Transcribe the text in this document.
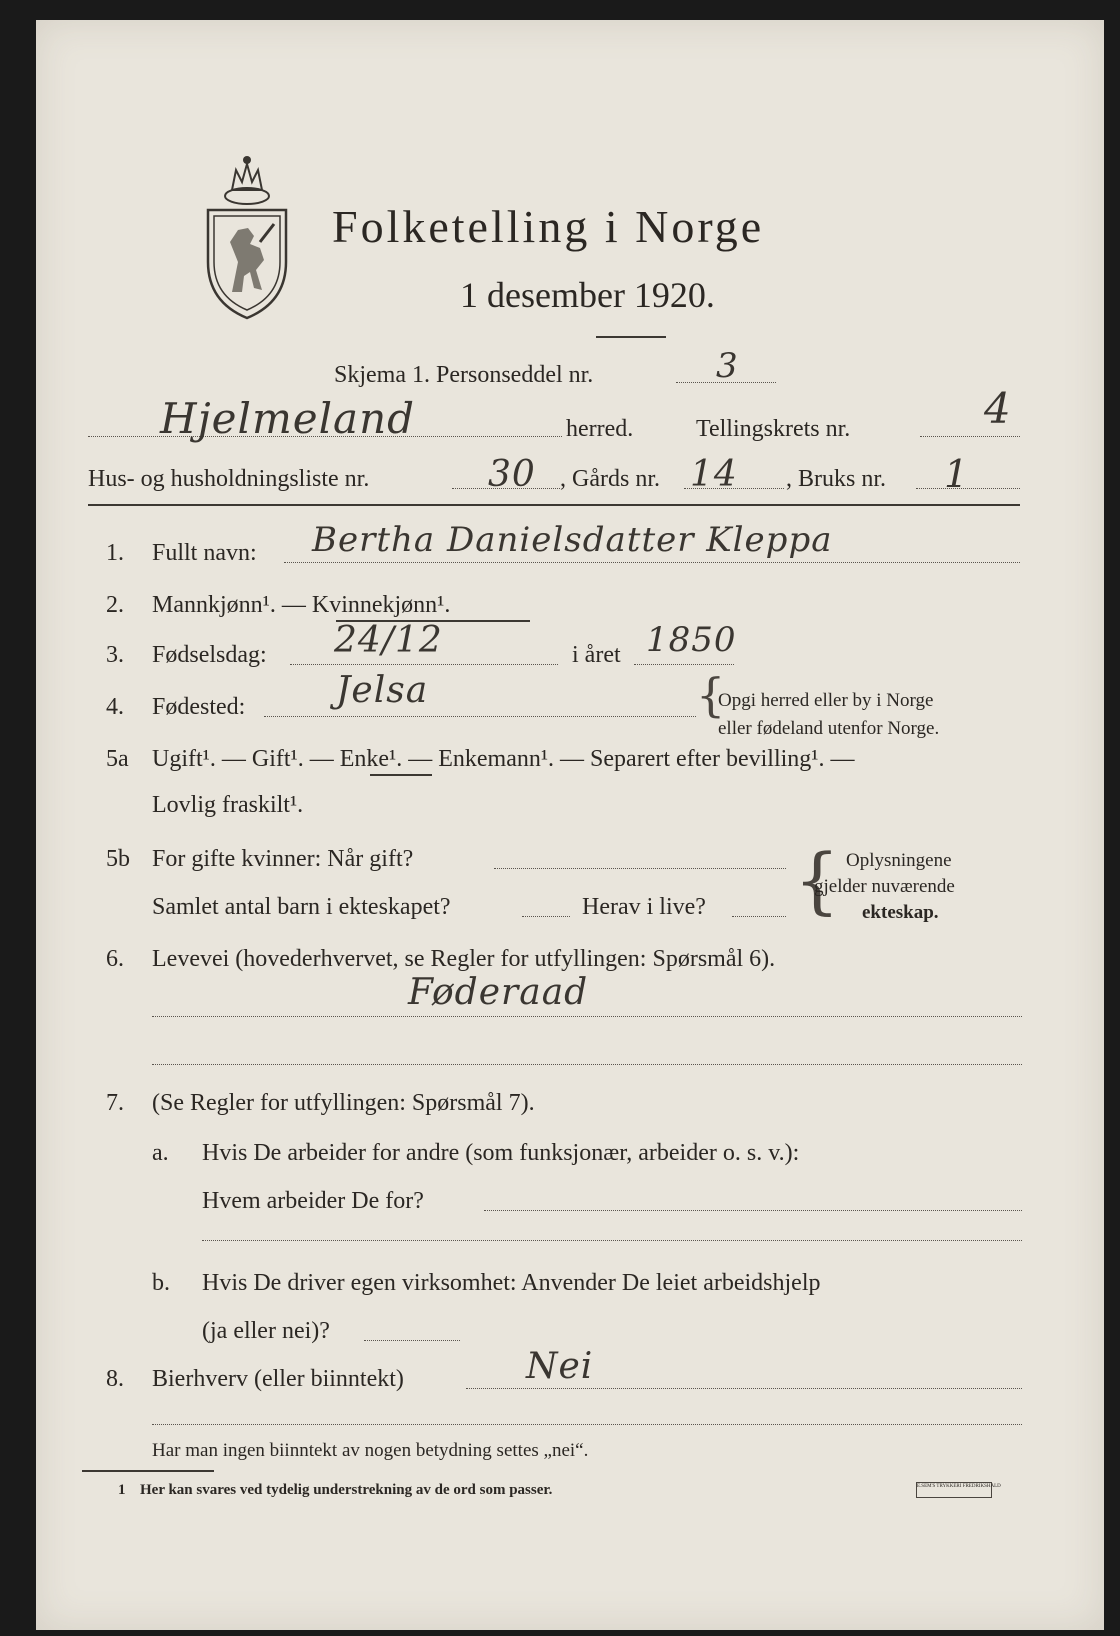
Folketelling i Norge
1 desember 1920.
Skjema 1. Personseddel nr.	3
Hjelmeland	herred.	Tellingskrets nr.	4
Hus- og husholdningsliste nr.	30 , Gårds nr. 14 , Bruks nr. 1
1. Fullt navn: Bertha Danielsdatter Kleppa
2. Mannkjønn¹. — Kvinnekjønn¹.
3. Fødselsdag: 24/12	i året 1850
4. Fødested:	Jelsa	{
Opgi herred eller by i Norge
eller fødeland utenfor Norge.
5a Ugift¹. — Gift¹. — Enke¹. — Enkemann¹. — Separert efter bevilling¹. —
Lovlig fraskilt¹.
5b For gifte kvinner: Når gift?
Samlet antal barn i ekteskapet?	Herav i live? { Oplysningene
gjelder nuværende
ekteskap.
6. Levevei (hovederhvervet, se Regler for utfyllingen: Spørsmål 6).
Føderaad
7. (Se Regler for utfyllingen: Spørsmål 7).
a. Hvis De arbeider for andre (som funksjonær, arbeider o. s. v.):
Hvem arbeider De for?
b. Hvis De driver egen virksomhet: Anvender De leiet arbeidshjelp
(ja eller nei)?
8. Bierhverv (eller biinntekt)	Nei
Har man ingen biinntekt av nogen betydning settes „nei“.
1 Her kan svares ved tydelig understrekning av de ord som passer.	E.SEM'S TRYKKERI FREDRIKSHALD
